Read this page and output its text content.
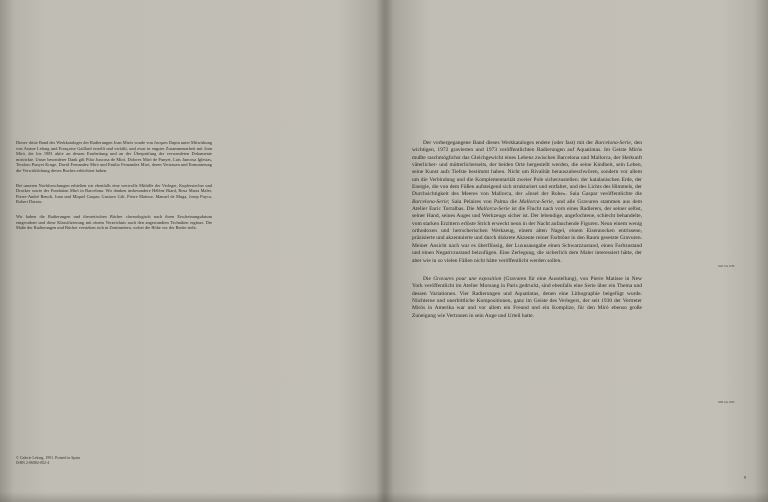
Dieser dritte Band des Werkkataloges der Radierungen Joan Mirós wurde von Jacques Dupin unter Mitwirkung von Ariane Lelong und Françoise Gaillard erstellt und verfaßt, und zwar in engster Zusammenarbeit mit Joan Miró, der bis 1981 aktiv an dessen Erarbeitung und an der Überprüfung der verwendeten Dokumente mitwirkte. Unser besonderer Dank gilt Pilar Juncosa de Miró, Dolores Miró de Punyet, Luis Juncosa Iglesias, Teodoro Punyet Kruge, David Fernandez Miró und Emilio Fernandez Miró, deren Vertrauen und Ermunterung die Verwirklichung dieses Buches erleichtert haben.

Bei unseren Nachforschungen erhielten wir ebenfalls eine wertvolle Mithilfe der Verleger, Kupferstecher und Drucker sowie der Fondation Miró in Barcelona. Wir danken insbesondere Hélène Biard, Rosa Maria Malet, Pierre-André Benoît, Joan und Miquel Gaspar, Gustavo Gili, Pierre Matisse, Manuel de Muga, Josep Puyca, Robert Dutrou.

Wir haben die Radierungen und theoretischen Bücher chronologisch nach ihren Erscheinungsdatum eingeordnet und diese Klassifizierung mit einem Verzeichnis nach den angewandten Techniken ergänzt. Die Maße der Radierungen und Bücher verstehen sich in Zentimetern, wobei die Höhe vor der Breite steht.

© Galerie Lelong, 1991. Printed in Spain
ISBN 2-86882-002-4

Der vorhergegangene Band dieses Werkkataloges endete (oder fast) mit der Barcelona-Serie, den wichtigen, 1972 gravierten und 1973 veröffentlichten Radierungen auf Aquatintas. Im Geiste Mirós mußte raschmöglichst das Gleichgewicht eines Lebens zwischen Barcelona und Mallorca, der Herkunft väterlicher- und mütterlicherseits, der beiden Orte hergestellt werden, die seine Kindheit, sein Leben, seine Kunst aufs Tiefste bestimmt haben. Nicht um Rivalität herauszubeschwören, sondern vor allem um die Verbindung und die Komplementarität zweier Pole sicherzustellen: der katalanischen Erde, der Energie, die von dem Füßen aufsteigend sich strukturiert und entfaltet, und des Lichts des Himmels, der Durchsichtigkeit des Meeres von Mallorca, der «Insel der Ruhe». Sala Gaspar veröffentlichte die Barcelona-Serie; Sala Pelaires von Palma die Mallorca-Serie, und alle Gravuren stammen aus dem Atelier Enric Torralbas. Die Mallorca-Serie ist die Flucht nach vorn eines Radierers, der seiner selbst, seiner Hand, seines Auges und Werkzeugs sicher ist. Der lebendige, angefochtene, schlecht behandelte, vom starken Erzittern erlöste Strich erweckt neun in der Nacht aufauchende Figuren. Neun einem wenig orthodoxen und herrscherischen Werkzeug, einem alten Nagel, einem Eisennocken entrissene, präzisierte und akzentuierte und durch diskrete Akzente reiner Farbtöne in den Raum gesetzte Gravuren. Meiner Ansicht nach war es überflüssig, der Luxusausgabe einen Schwarzzustand, einen Farbzustand und einen Negativzustand beizufügen. Eine Zerlegung, die sicherlich dem Maler interessiert hätte, der aber wie in so vielen Fällen nicht hätte veröffentlicht werden sollen.

Die Gravures pour une exposition (Gravuren für eine Ausstellung), von Pierre Matisse in New York veröffentlicht im Atelier Morsang in Paris gedruckt, sind ebenfalls eine Serie über ein Thema und dessen Variationen. Vier Radierungen und Aquatintas, denen eine Lithographie beigefügt wurde. Nüchterne und unerbittliche Kompositionen, ganz im Geiste des Verlegers, der seit 1930 der Vertreter Mirós in Amerika war und vor allem ein Freund und ein Komplize, für den Miró ebenso große Zuneigung wie Vertrauen in sein Auge und Urteil hatte.

620 bis 638
606 bis 609
9
